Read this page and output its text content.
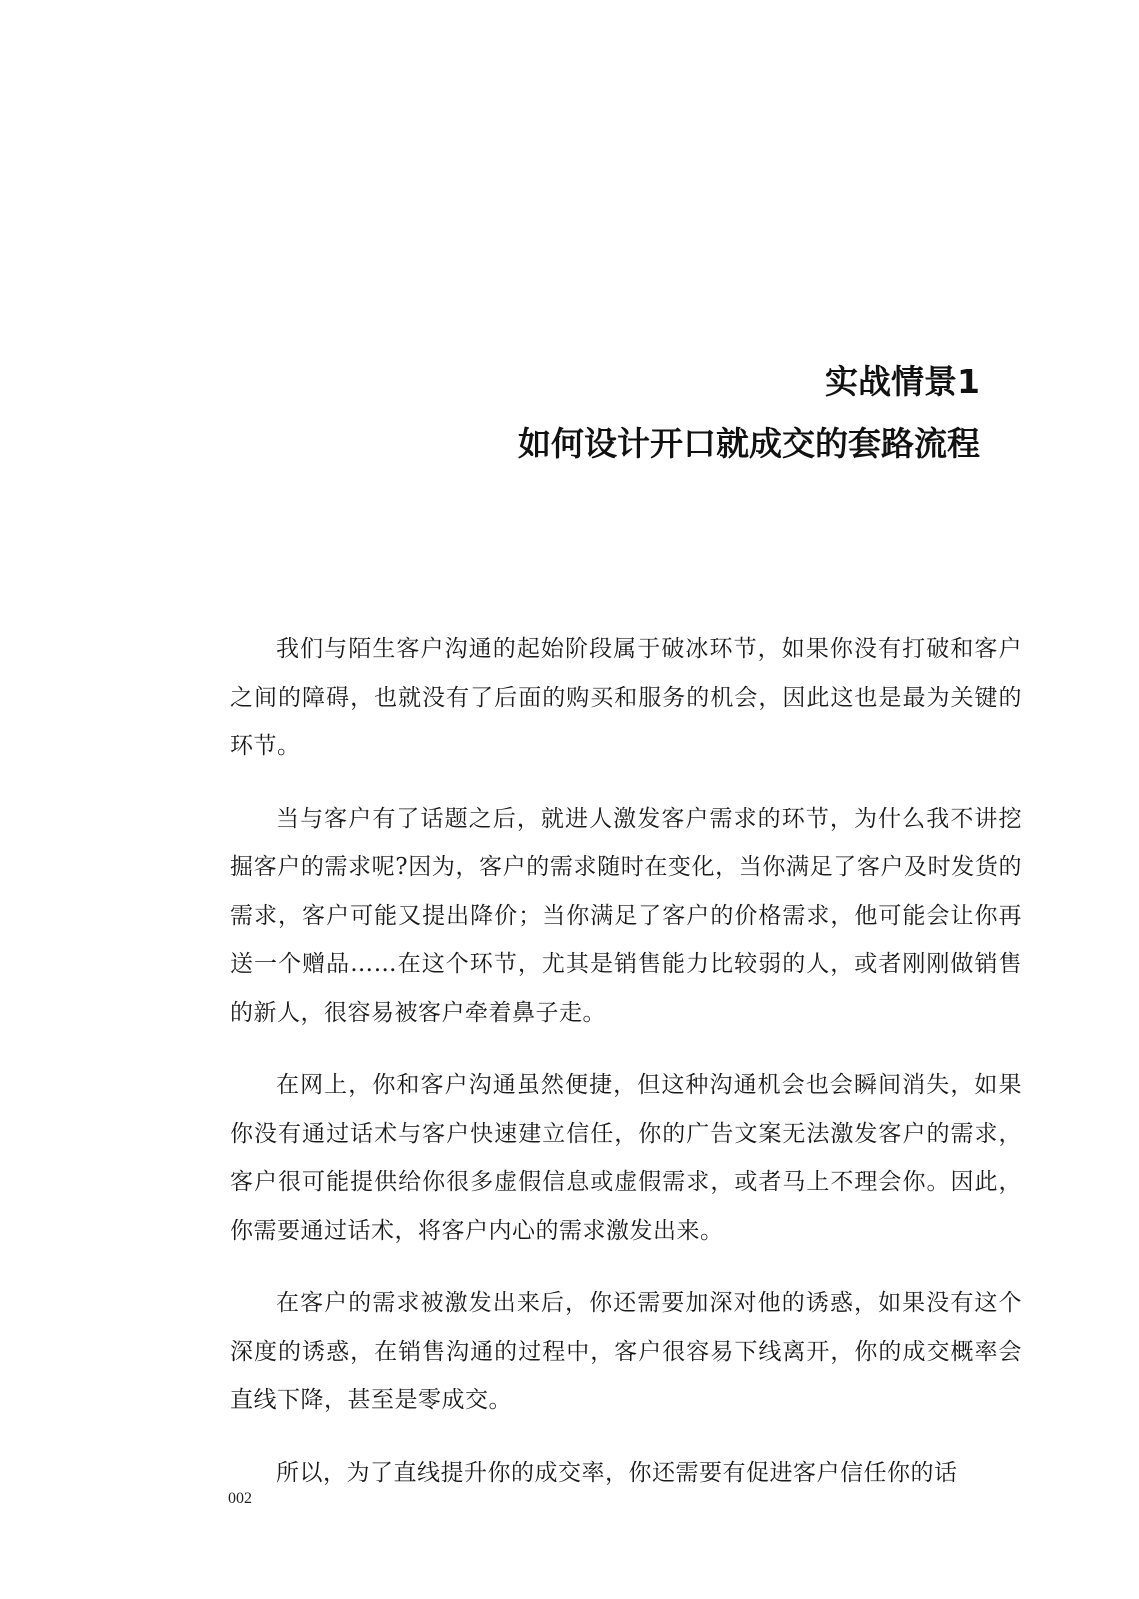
实战情景1
如何设计开口就成交的套路流程

我们与陌生客户沟通的起始阶段属于破冰环节，如果你没有打破和客户之间的障碍，也就没有了后面的购买和服务的机会，因此这也是最为关键的环节。

当与客户有了话题之后，就进人激发客户需求的环节，为什么我不讲挖掘客户的需求呢?因为，客户的需求随时在变化，当你满足了客户及时发货的需求，客户可能又提出降价；当你满足了客户的价格需求，他可能会让你再送一个赠品……在这个环节，尤其是销售能力比较弱的人，或者刚刚做销售的新人，很容易被客户牵着鼻子走。

在网上，你和客户沟通虽然便捷，但这种沟通机会也会瞬间消失，如果你没有通过话术与客户快速建立信任，你的广告文案无法激发客户的需求，客户很可能提供给你很多虚假信息或虚假需求，或者马上不理会你。因此，你需要通过话术，将客户内心的需求激发出来。

在客户的需求被激发出来后，你还需要加深对他的诱惑，如果没有这个深度的诱惑，在销售沟通的过程中，客户很容易下线离开，你的成交概率会直线下降，甚至是零成交。

所以，为了直线提升你的成交率，你还需要有促进客户信任你的话

002
